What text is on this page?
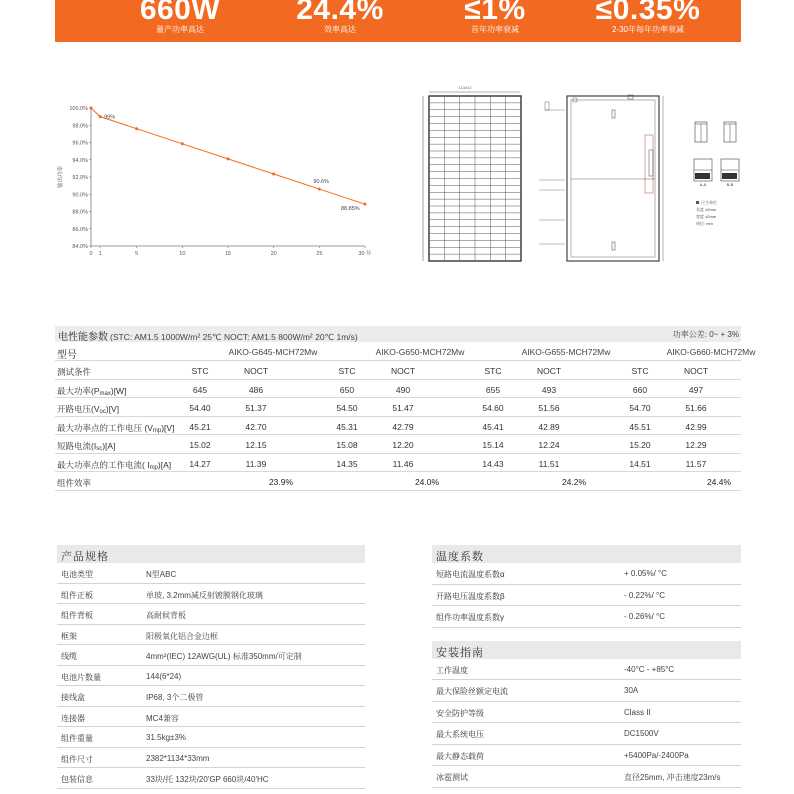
660W
量产功率高达
24.4%
效率高达
≤1%
首年功率衰减
≤0.35%
2-30年每年功率衰减
84.0%
86.0%
88.0%
90.0%
92.0%
94.0%
96.0%
98.0%
100.0%
0 1	5	10	15	20	25	30 年
输出功率
99%
90.6%
88.85%
1134±2
A-A	B-B
尺寸单位
长度 ±2mm
宽度 ±2mm
单位: mm
电性能参数 (STC: AM1.5 1000W/m² 25℃ NOCT: AM1.5 800W/m² 20℃ 1m/s)	功率公差: 0~ + 3%
型号	AIKO-G645-MCH72Mw	AIKO-G650-MCH72Mw	AIKO-G655-MCH72Mw	AIKO-G660-MCH72Mw
测试条件	STC	NOCT	STC	NOCT	STC	NOCT	STC	NOCT
最大功率(Pmax)[W]	645	486	650	490	655	493	660	497
开路电压(Voc)[V]	54.40	51.37	54.50	51.47	54.60	51.56	54.70	51.66
最大功率点的工作电压 (Vmp)[V]	45.21	42.70	45.31	42.79	45.41	42.89	45.51	42.99
短路电流(Isc)[A]	15.02	12.15	15.08	12.20	15.14	12.24	15.20	12.29
最大功率点的工作电流( Imp)[A]	14.27	11.39	14.35	11.46	14.43	11.51	14.51	11.57
组件效率	23.9%	24.0%	24.2%	24.4%
产品规格
电池类型	N型ABC
组件正板	单玻, 3.2mm减反射镀膜钢化玻璃
组件背板	高耐候背板
框架	阳极氧化铝合金边框
线缆	4mm²(IEC) 12AWG(UL) 标准350mm/可定制
电池片数量	144(6*24)
接线盒	IP68, 3个二极管
连接器	MC4兼容
组件重量	31.5kg±3%
组件尺寸	2382*1134*33mm
包装信息	33块/托 132块/20'GP 660块/40'HC
温度系数
短路电流温度系数α	+ 0.05%/ °C
开路电压温度系数β	- 0.22%/ °C
组件功率温度系数γ	- 0.26%/ °C
安装指南
工作温度	-40°C - +85°C
最大保险丝额定电流	30A
安全防护等级	Class II
最大系统电压	DC1500V
最大静态载荷	+5400Pa/-2400Pa
冰雹测试	直径25mm, 冲击速度23m/s
